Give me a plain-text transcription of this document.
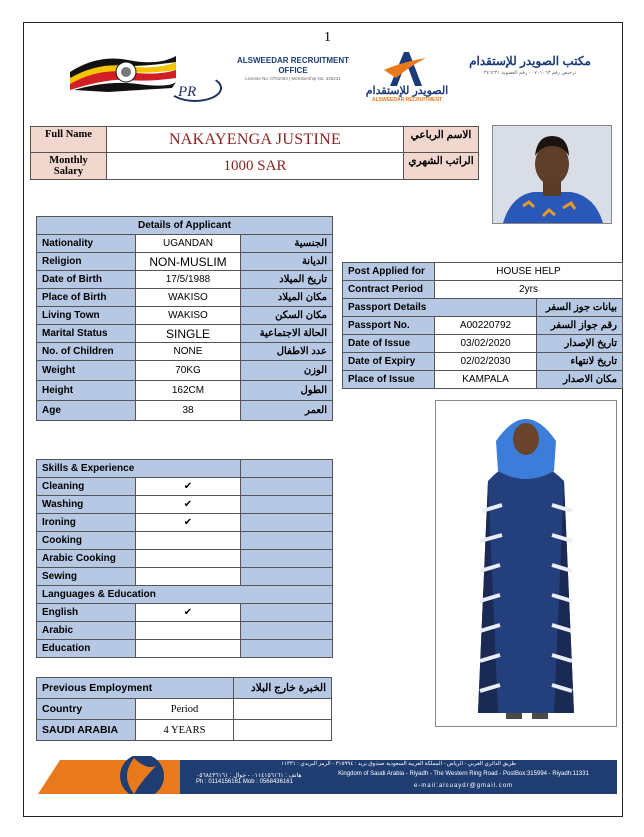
1
PR
ALSWEEDAR RECRUITMENT OFFICE
License No: 0701063 | Membership No: 346231
الصويدر للإستقدام
ALSWEEDAR RECRUITMENT
مكتب الصويدر للإستقدام
ترخيص رقم ٠٧٠١٠٦٣ - رقم العضوية ٣٤٦٢٣١
Full Name	NAKAYENGA JUSTINE	الاسم الرباعي
Monthly Salary	1000 SAR	الراتب الشهري
Details of Applicant		
Nationality	UGANDAN	الجنسية
Religion	NON-MUSLIM	الديانة
Date of Birth	17/5/1988	تاريخ الميلاد
Place of Birth	WAKISO	مكان الميلاد
Living Town	WAKISO	مكان السكن
Marital Status	SINGLE	الحالة الاجتماعية
No. of Children	NONE	عدد الاطفال
Weight	70KG	الوزن
Height	162CM	الطول
Age	38	العمر
Post Applied for	HOUSE HELP	
Contract Period	2yrs	
Passport Details		بيانات جوز السفر
Passport No.	A00220792	رقم جواز السفر
Date of Issue	03/02/2020	تاريخ الإصدار
Date of Expiry	02/02/2030	تاريخ لانتهاء
Place of Issue	KAMPALA	مكان الاصدار
Skills & Experience		
Cleaning	✔	
Washing	✔	
Ironing	✔	
Cooking		
Arabic Cooking		
Sewing		
Languages & Education		
English	✔	
Arabic		
Education		
Previous Employment		الخبرة خارج البلاد
Country	Period	
SAUDI ARABIA	4 YEARS	
طريق الدائري الغربي - الرياض - المملكة العربية السعودية صندوق بريد : ٣١٥٩٩٤ - الرمز البريدي : ١١٣٣١
هاتف : ٠١١٤١٥٦١٦١ - جوال : ٠٥٦٨٤٣٦١٦١
Ph : 0114156161 Mob : 0568436161
Kingdom of Saudi Arabia - Riyadh - The Western Ring Road - PostBox:315994 - Riyadh:11331
e-mail:alsuaydr@gmail.com
